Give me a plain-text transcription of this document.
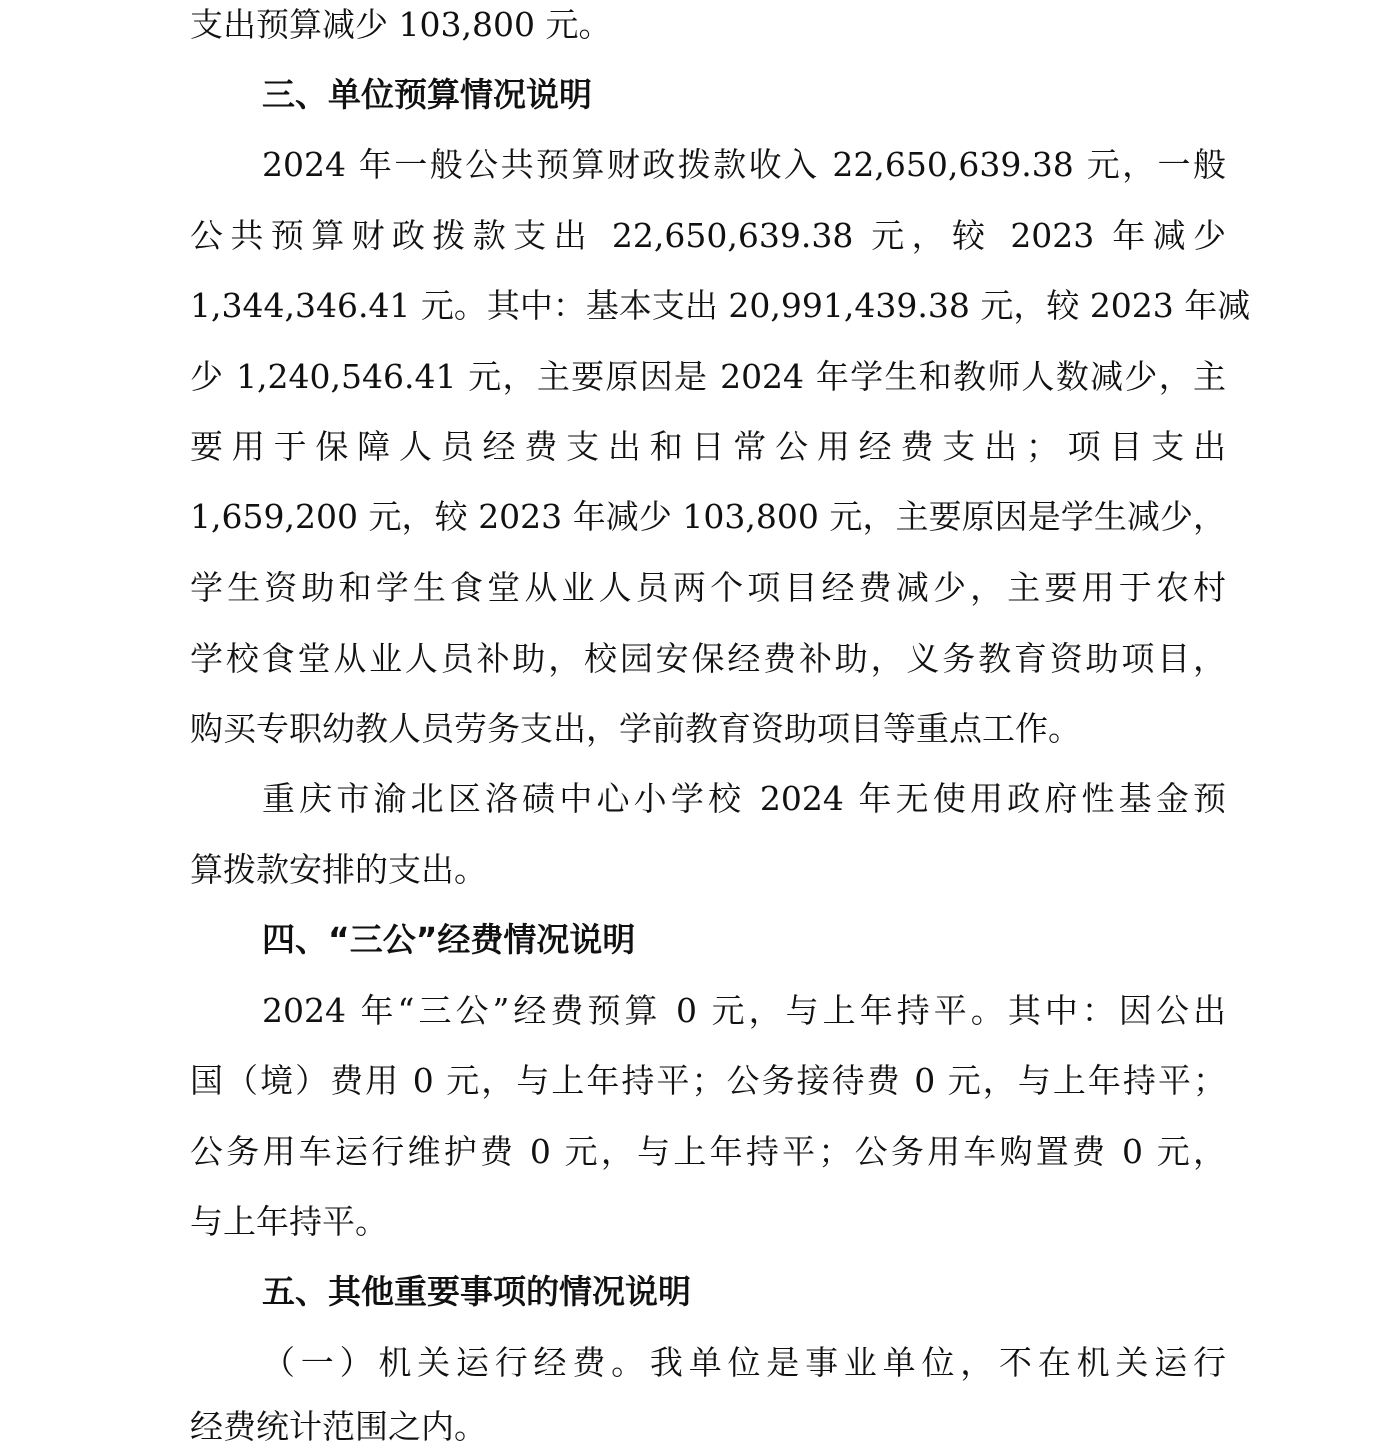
支出预算减少 103,800 元。
三、单位预算情况说明
2024 年一般公共预算财政拨款收入 22,650,639.38 元，一般
公共预算财政拨款支出 22,650,639.38 元，较 2023 年减少
1,344,346.41 元。其中：基本支出 20,991,439.38 元，较 2023 年减
少 1,240,546.41 元，主要原因是 2024 年学生和教师人数减少，主
要用于保障人员经费支出和日常公用经费支出；项目支出
1,659,200 元，较 2023 年减少 103,800 元，主要原因是学生减少，
学生资助和学生食堂从业人员两个项目经费减少，主要用于农村
学校食堂从业人员补助，校园安保经费补助，义务教育资助项目，
购买专职幼教人员劳务支出，学前教育资助项目等重点工作。
重庆市渝北区洛碛中心小学校 2024 年无使用政府性基金预
算拨款安排的支出。
四、“三公”经费情况说明
2024 年“三公”经费预算 0 元，与上年持平。其中：因公出
国（境）费用 0 元，与上年持平；公务接待费 0 元，与上年持平；
公务用车运行维护费 0 元，与上年持平；公务用车购置费 0 元，
与上年持平。
五、其他重要事项的情况说明
（一）机关运行经费。我单位是事业单位，不在机关运行
经费统计范围之内。
